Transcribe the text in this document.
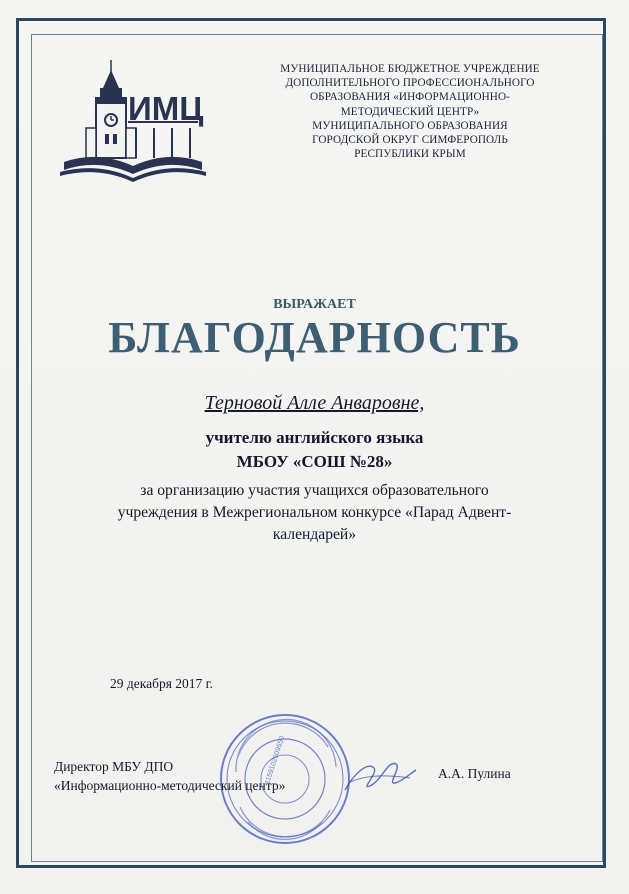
ИМЦ
МУНИЦИПАЛЬНОЕ БЮДЖЕТНОЕ УЧРЕЖДЕНИЕ
ДОПОЛНИТЕЛЬНОГО ПРОФЕССИОНАЛЬНОГО
ОБРАЗОВАНИЯ «ИНФОРМАЦИОННО-
МЕТОДИЧЕСКИЙ ЦЕНТР»
МУНИЦИПАЛЬНОГО ОБРАЗОВАНИЯ
ГОРОДСКОЙ ОКРУГ СИМФЕРОПОЛЬ
РЕСПУБЛИКИ КРЫМ
ВЫРАЖАЕТ
БЛАГОДАРНОСТЬ
Терновой Алле Анваровне,
учителю английского языка
МБОУ «СОШ №28»
за организацию участия учащихся образовательного
учреждения в Межрегиональном конкурсе «Парад Адвент-
календарей»
29 декабря 2017 г.
1159102009550
Директор МБУ ДПО
«Информационно-методический центр»
А.А. Пулина
